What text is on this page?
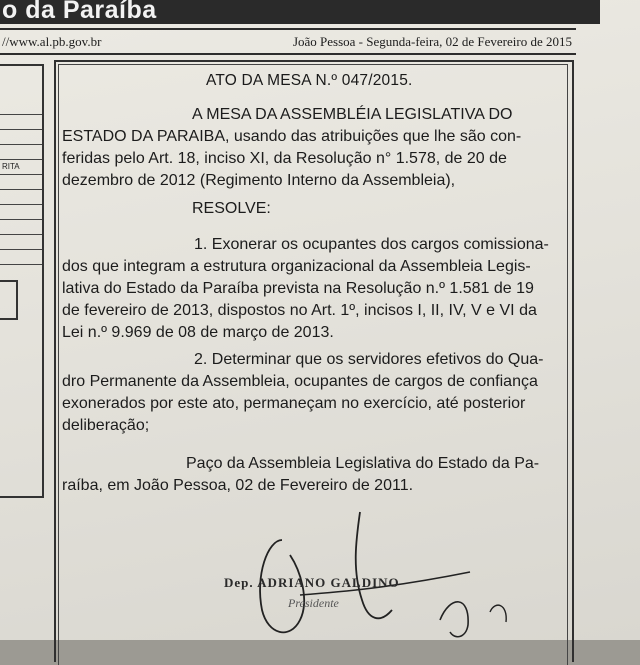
o da Paraíba
//www.al.pb.gov.br	João Pessoa - Segunda-feira, 02 de Fevereiro de 2015
RITA
ATO DA MESA N.º 047/2015.
A MESA DA ASSEMBLÉIA LEGISLATIVA DO
ESTADO DA PARAIBA, usando das atribuições que lhe são con-
feridas pelo Art. 18, inciso XI, da Resolução n° 1.578, de 20 de
dezembro de 2012 (Regimento Interno da Assembleia),
RESOLVE:
1. Exonerar os ocupantes dos cargos comissiona-
dos que integram a estrutura organizacional da Assembleia Legis-
lativa do Estado da Paraíba prevista na Resolução n.º 1.581 de 19
de fevereiro de 2013, dispostos no Art. 1º, incisos I, II, IV, V e VI da
Lei n.º 9.969 de 08 de março de 2013.
2. Determinar que os servidores efetivos do Qua-
dro Permanente da Assembleia, ocupantes de cargos de confiança
exonerados por este ato, permaneçam no exercício, até posterior
deliberação;
Paço da Assembleia Legislativa do Estado da Pa-
raíba, em João Pessoa, 02 de Fevereiro de 2011.
Dep. ADRIANO GALDINO
Presidente
